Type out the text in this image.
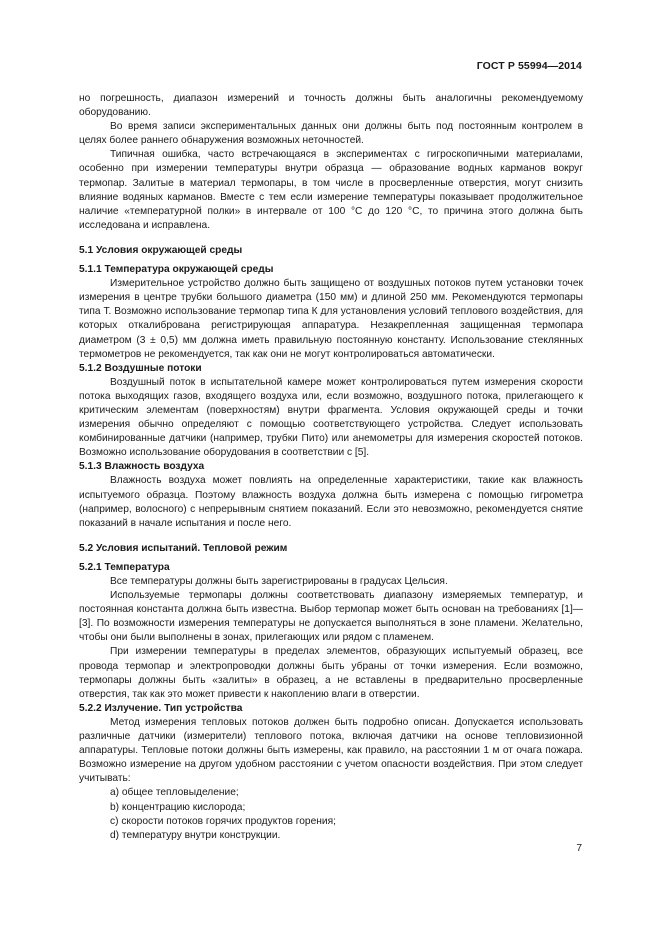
ГОСТ Р 55994—2014

но погрешность, диапазон измерений и точность должны быть аналогичны рекомендуемому оборудованию.

Во время записи экспериментальных данных они должны быть под постоянным контролем в целях более раннего обнаружения возможных неточностей.

Типичная ошибка, часто встречающаяся в экспериментах с гигроскопичными материалами, особенно при измерении температуры внутри образца — образование водных карманов вокруг термопар. Залитые в материал термопары, в том числе в просверленные отверстия, могут снизить влияние водяных карманов. Вместе с тем если измерение температуры показывает продолжительное наличие «температурной полки» в интервале от 100 °С до 120 °С, то причина этого должна быть исследована и исправлена.

5.1 Условия окружающей среды

5.1.1 Температура окружающей среды

Измерительное устройство должно быть защищено от воздушных потоков путем установки точек измерения в центре трубки большого диаметра (150 мм) и длиной 250 мм. Рекомендуются термопары типа Т. Возможно использование термопар типа К для установления условий теплового воздействия, для которых откалибрована регистрирующая аппаратура. Незакрепленная защищенная термопара диаметром (3 ± 0,5) мм должна иметь правильную постоянную константу. Использование стеклянных термометров не рекомендуется, так как они не могут контролироваться автоматически.

5.1.2 Воздушные потоки

Воздушный поток в испытательной камере может контролироваться путем измерения скорости потока выходящих газов, входящего воздуха или, если возможно, воздушного потока, прилегающего к критическим элементам (поверхностям) внутри фрагмента. Условия окружающей среды и точки измерения обычно определяют с помощью соответствующего устройства. Следует использовать комбинированные датчики (например, трубки Пито) или анемометры для измерения скоростей потоков. Возможно использование оборудования в соответствии с [5].

5.1.3 Влажность воздуха

Влажность воздуха может повлиять на определенные характеристики, такие как влажность испытуемого образца. Поэтому влажность воздуха должна быть измерена с помощью гигрометра (например, волосного) с непрерывным снятием показаний. Если это невозможно, рекомендуется снятие показаний в начале испытания и после него.

5.2 Условия испытаний. Тепловой режим

5.2.1 Температура

Все температуры должны быть зарегистрированы в градусах Цельсия.

Используемые термопары должны соответствовать диапазону измеряемых температур, и постоянная константа должна быть известна. Выбор термопар может быть основан на требованиях [1]—[3]. По возможности измерения температуры не допускается выполняться в зоне пламени. Желательно, чтобы они были выполнены в зонах, прилегающих или рядом с пламенем.

При измерении температуры в пределах элементов, образующих испытуемый образец, все провода термопар и электропроводки должны быть убраны от точки измерения. Если возможно, термопары должны быть «залиты» в образец, а не вставлены в предварительно просверленные отверстия, так как это может привести к накоплению влаги в отверстии.

5.2.2 Излучение. Тип устройства

Метод измерения тепловых потоков должен быть подробно описан. Допускается использовать различные датчики (измерители) теплового потока, включая датчики на основе тепловизионной аппаратуры. Тепловые потоки должны быть измерены, как правило, на расстоянии 1 м от очага пожара. Возможно измерение на другом удобном расстоянии с учетом опасности воздействия. При этом следует учитывать:

а) общее тепловыделение;

b) концентрацию кислорода;

с) скорости потоков горячих продуктов горения;

d) температуру внутри конструкции.

7
